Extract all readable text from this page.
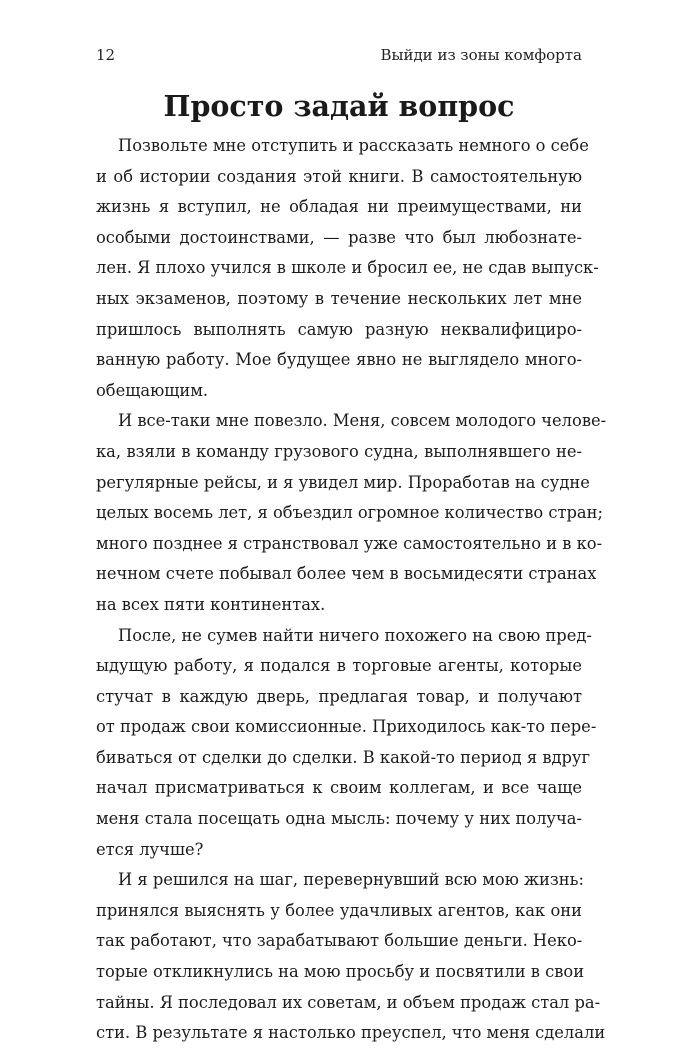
12	Выйди из зоны комфорта
Просто задай вопрос

Позвольте мне отступить и рассказать немного о себе
и об истории создания этой книги. В самостоятельную
жизнь я вступил, не обладая ни преимуществами, ни
особыми достоинствами, — разве что был любознате-
лен. Я плохо учился в школе и бросил ее, не сдав выпуск-
ных экзаменов, поэтому в течение нескольких лет мне
пришлось выполнять самую разную неквалифициро-
ванную работу. Мое будущее явно не выглядело много-
обещающим.

И все-таки мне повезло. Меня, совсем молодого челове-
ка, взяли в команду грузового судна, выполнявшего не-
регулярные рейсы, и я увидел мир. Проработав на судне
целых восемь лет, я объездил огромное количество стран;
много позднее я странствовал уже самостоятельно и в ко-
нечном счете побывал более чем в восьмидесяти странах
на всех пяти континентах.

После, не сумев найти ничего похожего на свою пред-
ыдущую работу, я подался в торговые агенты, которые
стучат в каждую дверь, предлагая товар, и получают
от продаж свои комиссионные. Приходилось как-то пере-
биваться от сделки до сделки. В какой-то период я вдруг
начал присматриваться к своим коллегам, и все чаще
меня стала посещать одна мысль: почему у них получа-
ется лучше?

И я решился на шаг, перевернувший всю мою жизнь:
принялся выяснять у более удачливых агентов, как они
так работают, что зарабатывают большие деньги. Неко-
торые откликнулись на мою просьбу и посвятили в свои
тайны. Я последовал их советам, и объем продаж стал ра-
сти. В результате я настолько преуспел, что меня сделали
